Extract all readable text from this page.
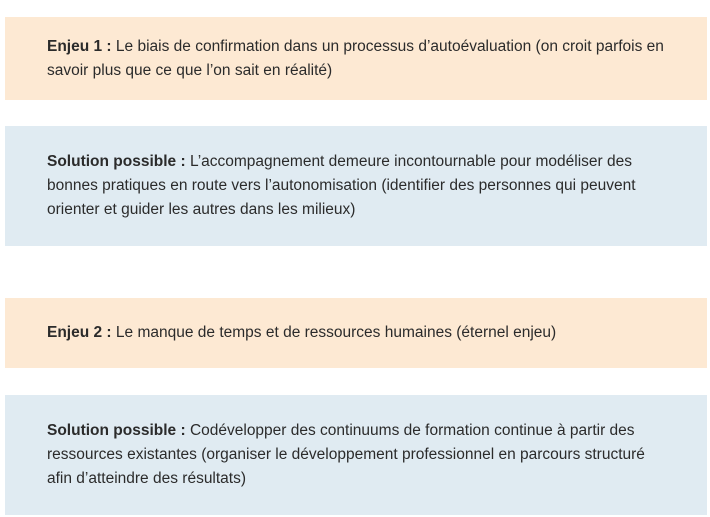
Enjeu 1 : Le biais de confirmation dans un processus d’autoévaluation (on croit parfois en savoir plus que ce que l’on sait en réalité)

Solution possible : L’accompagnement demeure incontournable pour modéliser des bonnes pratiques en route vers l’autonomisation (identifier des personnes qui peuvent orienter et guider les autres dans les milieux)

Enjeu 2 : Le manque de temps et de ressources humaines (éternel enjeu)

Solution possible : Codévelopper des continuums de formation continue à partir des ressources existantes (organiser le développement professionnel en parcours structuré afin d’atteindre des résultats)
